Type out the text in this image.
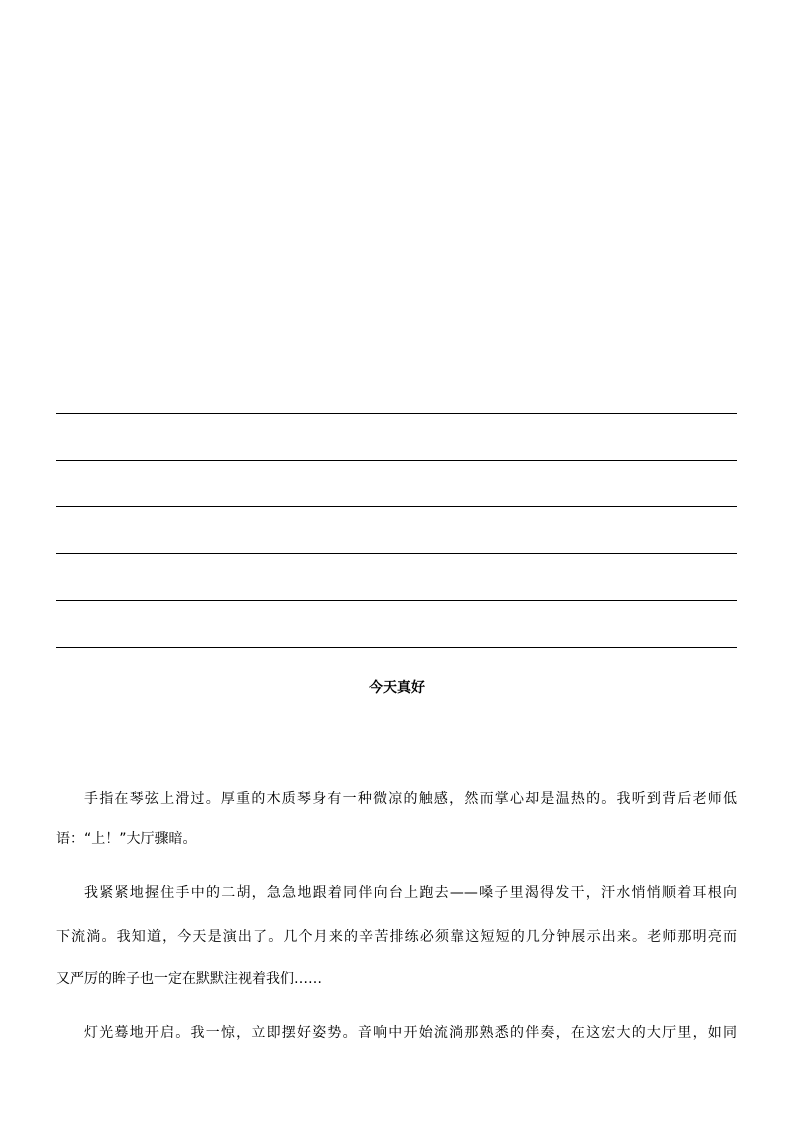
今天真好
手指在琴弦上滑过。厚重的木质琴身有一种微凉的触感，然而掌心却是温热的。我听到背后老师低
语：“上！”大厅骤暗。
我紧紧地握住手中的二胡，急急地跟着同伴向台上跑去——嗓子里渴得发干，汗水悄悄顺着耳根向
下流淌。我知道，今天是演出了。几个月来的辛苦排练必须靠这短短的几分钟展示出来。老师那明亮而
又严厉的眸子也一定在默默注视着我们……
灯光蓦地开启。我一惊，立即摆好姿势。音响中开始流淌那熟悉的伴奏，在这宏大的大厅里，如同
